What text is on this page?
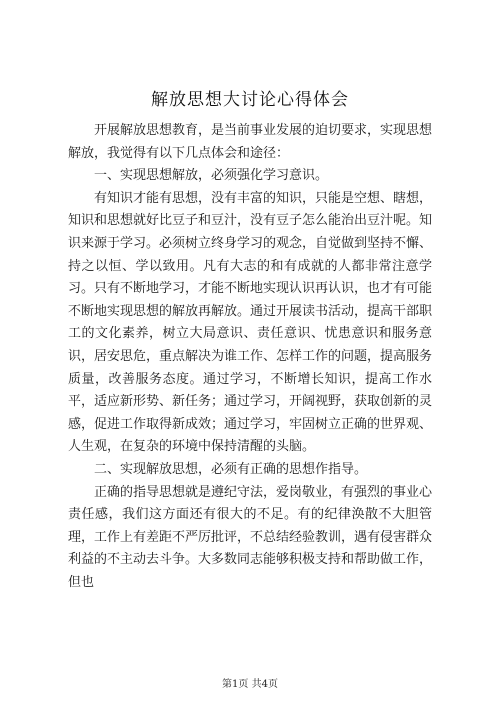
解放思想大讨论心得体会

开展解放思想教育，是当前事业发展的迫切要求，实现思想解放，我觉得有以下几点体会和途径：

一、实现思想解放，必须强化学习意识。

有知识才能有思想，没有丰富的知识，只能是空想、瞎想，知识和思想就好比豆子和豆汁，没有豆子怎么能治出豆汁呢。知识来源于学习。必须树立终身学习的观念，自觉做到坚持不懈、持之以恒、学以致用。凡有大志的和有成就的人都非常注意学习。只有不断地学习，才能不断地实现认识再认识，也才有可能不断地实现思想的解放再解放。通过开展读书活动，提高干部职工的文化素养，树立大局意识、责任意识、忧患意识和服务意识，居安思危，重点解决为谁工作、怎样工作的问题，提高服务质量，改善服务态度。通过学习，不断增长知识，提高工作水平，适应新形势、新任务；通过学习，开阔视野，获取创新的灵感，促进工作取得新成效；通过学习，牢固树立正确的世界观、人生观，在复杂的环境中保持清醒的头脑。

二、实现解放思想，必须有正确的思想作指导。

正确的指导思想就是遵纪守法，爱岗敬业，有强烈的事业心责任感，我们这方面还有很大的不足。有的纪律涣散不大胆管理，工作上有差距不严厉批评，不总结经验教训，遇有侵害群众利益的不主动去斗争。大多数同志能够积极支持和帮助做工作，但也

第1页 共4页
